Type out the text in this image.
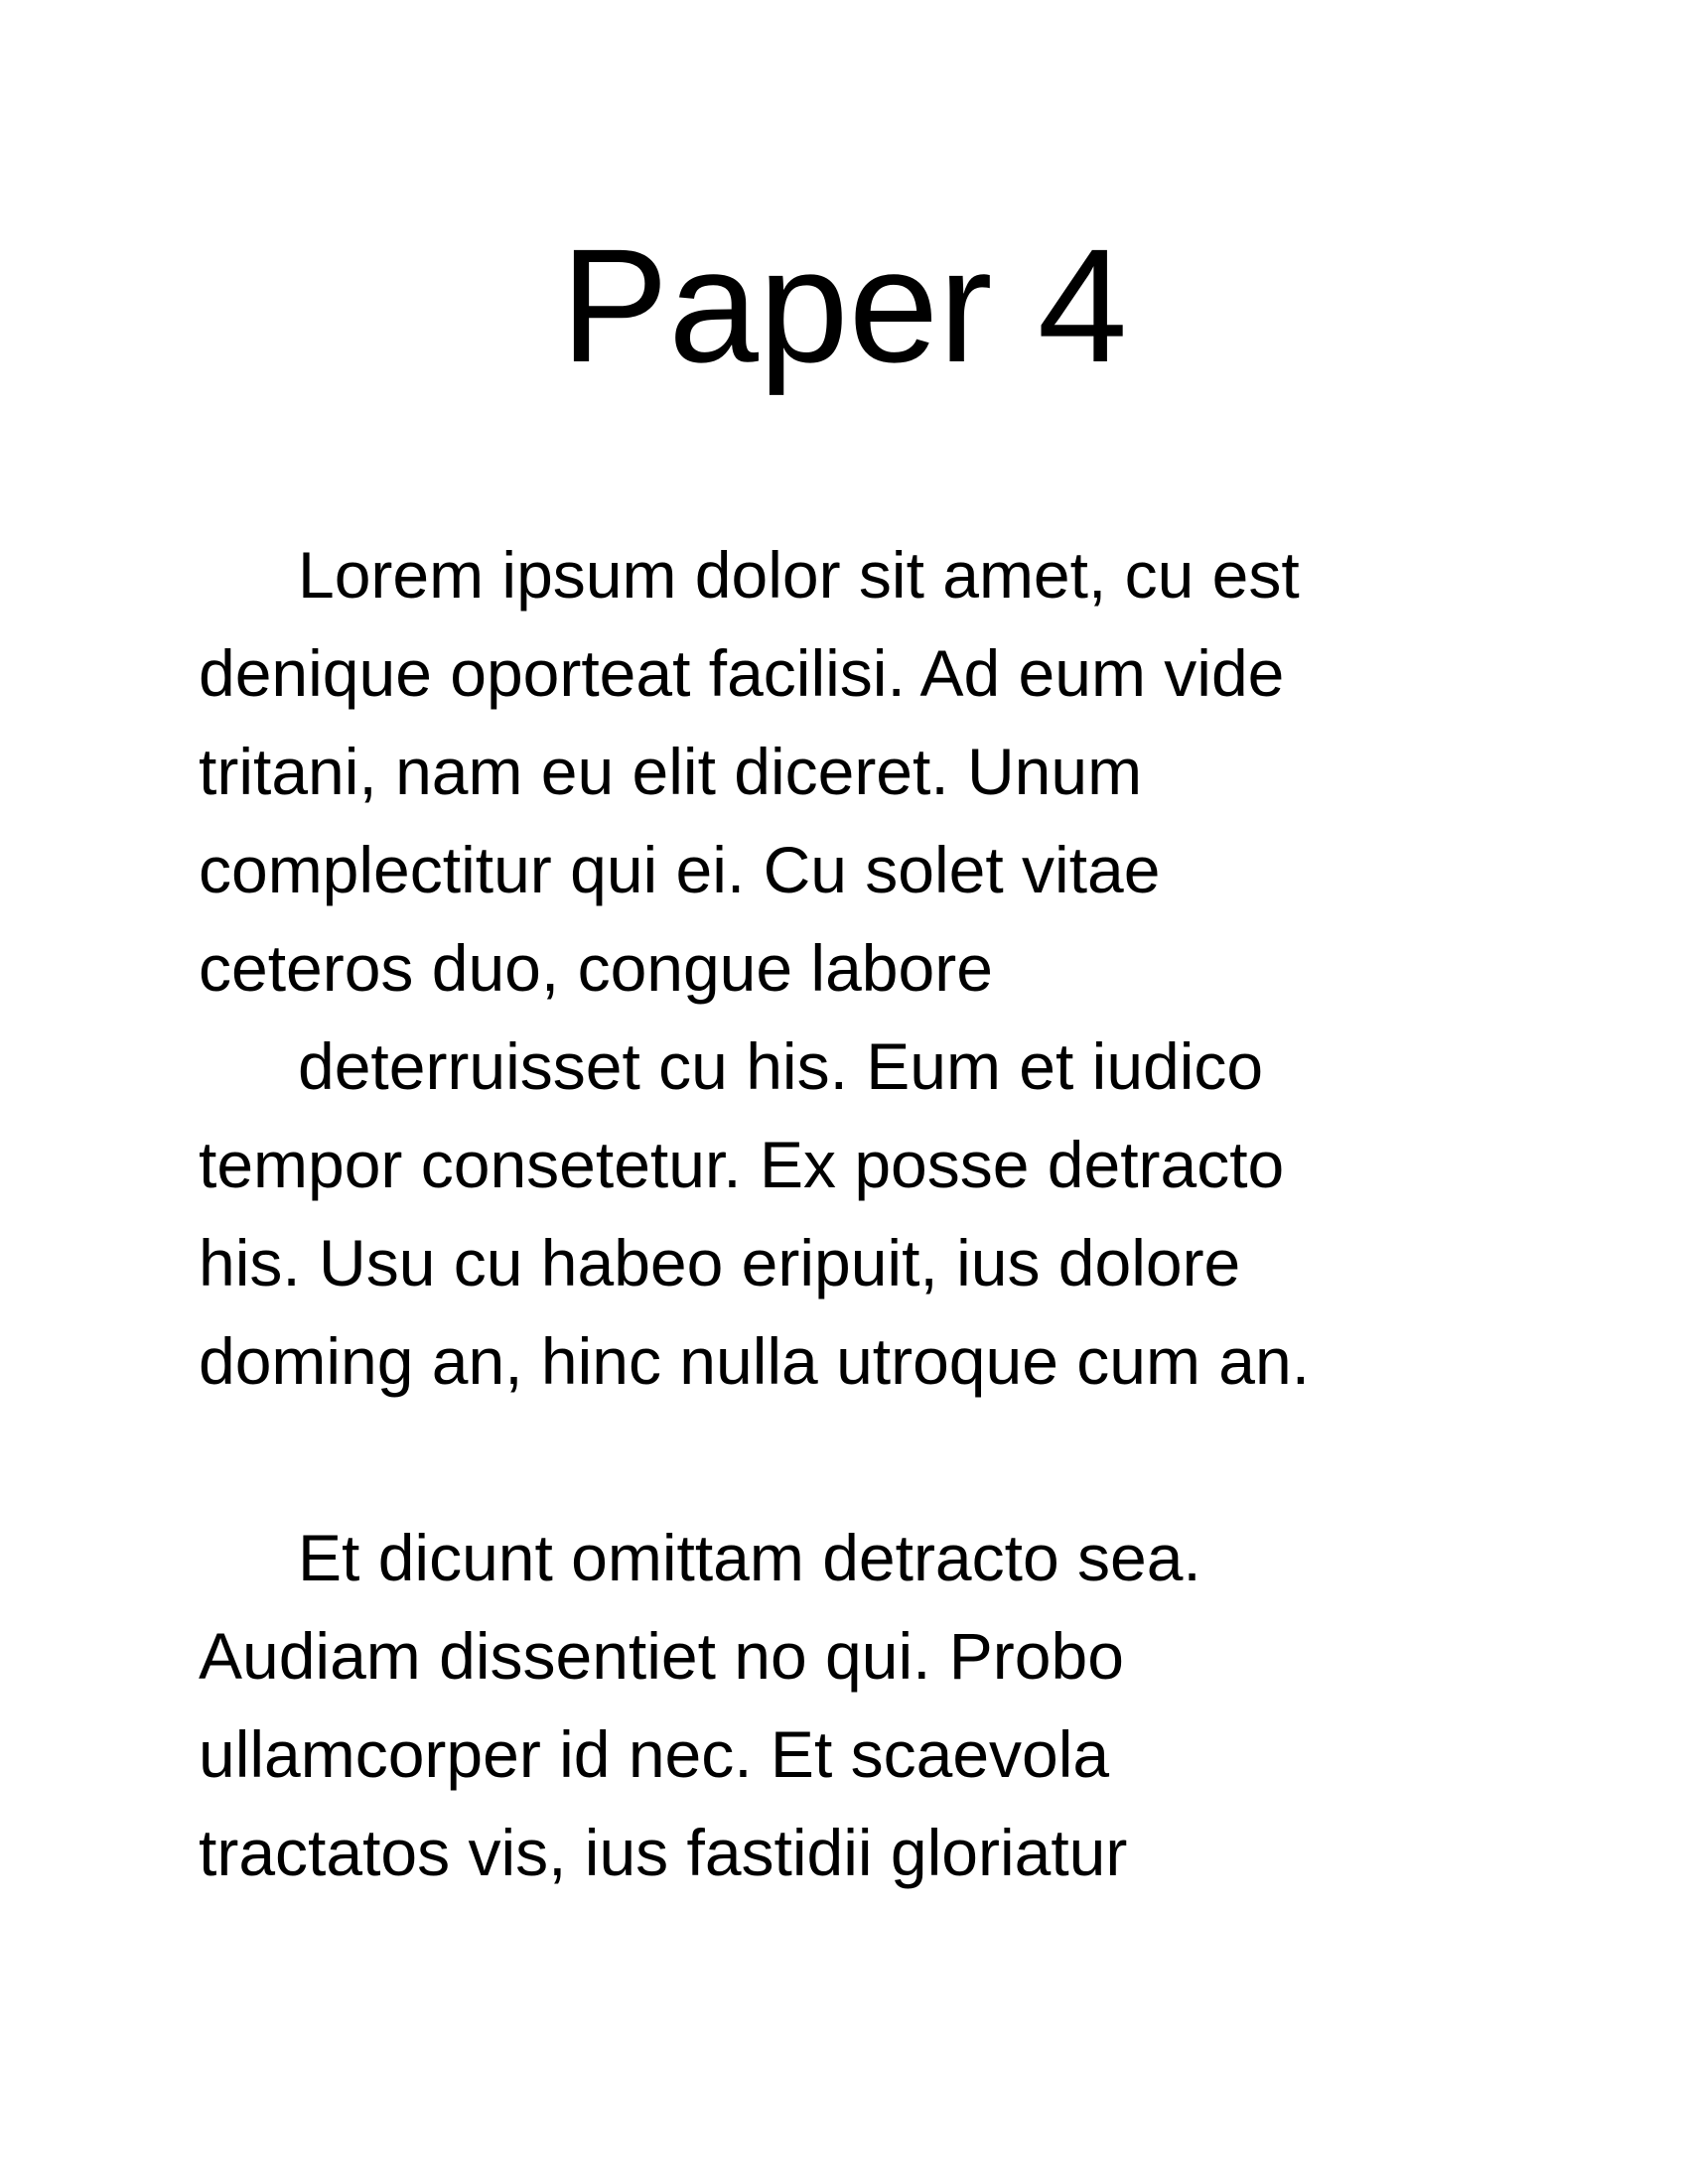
Paper 4

Lorem ipsum dolor sit amet, cu est
denique oporteat facilisi. Ad eum vide
tritani, nam eu elit diceret. Unum
complectitur qui ei. Cu solet vitae
ceteros duo, congue labore
deterruisset cu his. Eum et iudico
tempor consetetur. Ex posse detracto
his. Usu cu habeo eripuit, ius dolore
doming an, hinc nulla utroque cum an.

Et dicunt omittam detracto sea.
Audiam dissentiet no qui. Probo
ullamcorper id nec. Et scaevola
tractatos vis, ius fastidii gloriatur
